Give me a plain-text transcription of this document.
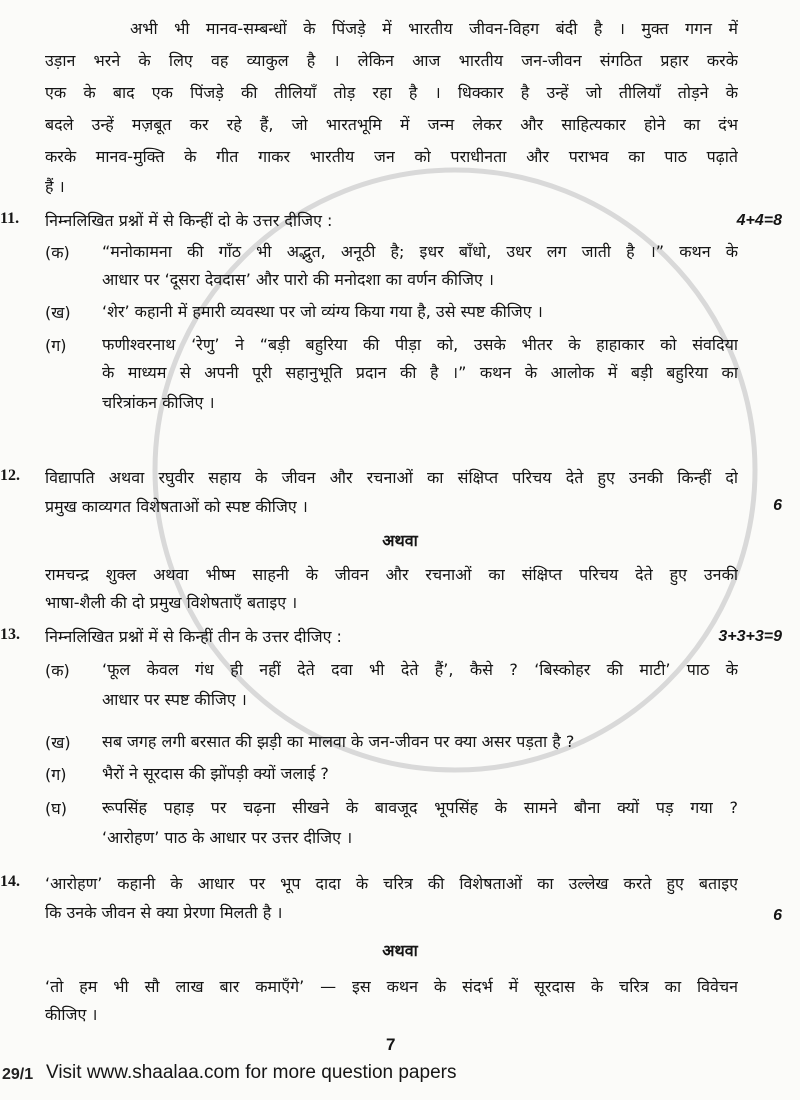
अभी भी मानव-सम्बन्धों के पिंजड़े में भारतीय जीवन-विहग बंदी है । मुक्त गगन में
उड़ान भरने के लिए वह व्याकुल है । लेकिन आज भारतीय जन-जीवन संगठित प्रहार करके
एक के बाद एक पिंजड़े की तीलियाँ तोड़ रहा है । धिक्कार है उन्हें जो तीलियाँ तोड़ने के
बदले उन्हें मज़बूत कर रहे हैं, जो भारतभूमि में जन्म लेकर और साहित्यकार होने का दंभ
करके मानव-मुक्ति के गीत गाकर भारतीय जन को पराधीनता और पराभव का पाठ पढ़ाते
हैं ।
11. निम्नलिखित प्रश्नों में से किन्हीं दो के उत्तर दीजिए :	4+4=8
(क) “मनोकामना की गाँठ भी अद्भुत, अनूठी है; इधर बाँधो, उधर लग जाती है ।” कथन के
आधार पर ‘दूसरा देवदास’ और पारो की मनोदशा का वर्णन कीजिए ।
(ख) ‘शेर’ कहानी में हमारी व्यवस्था पर जो व्यंग्य किया गया है, उसे स्पष्ट कीजिए ।
(ग) फणीश्वरनाथ ‘रेणु’ ने “बड़ी बहुरिया की पीड़ा को, उसके भीतर के हाहाकार को संवदिया
के माध्यम से अपनी पूरी सहानुभूति प्रदान की है ।” कथन के आलोक में बड़ी बहुरिया का
चरित्रांकन कीजिए ।
12. विद्यापति अथवा रघुवीर सहाय के जीवन और रचनाओं का संक्षिप्त परिचय देते हुए उनकी किन्हीं दो
प्रमुख काव्यगत विशेषताओं को स्पष्ट कीजिए ।	6
अथवा
रामचन्द्र शुक्ल अथवा भीष्म साहनी के जीवन और रचनाओं का संक्षिप्त परिचय देते हुए उनकी
भाषा-शैली की दो प्रमुख विशेषताएँ बताइए ।
13. निम्नलिखित प्रश्नों में से किन्हीं तीन के उत्तर दीजिए :	3+3+3=9
(क) ‘फूल केवल गंध ही नहीं देते दवा भी देते हैं’, कैसे ? ‘बिस्कोहर की माटी’ पाठ के
आधार पर स्पष्ट कीजिए ।
(ख) सब जगह लगी बरसात की झड़ी का मालवा के जन-जीवन पर क्या असर पड़ता है ?
(ग) भैरों ने सूरदास की झोंपड़ी क्यों जलाई ?
(घ) रूपसिंह पहाड़ पर चढ़ना सीखने के बावजूद भूपसिंह के सामने बौना क्यों पड़ गया ?
‘आरोहण’ पाठ के आधार पर उत्तर दीजिए ।
14. ‘आरोहण’ कहानी के आधार पर भूप दादा के चरित्र की विशेषताओं का उल्लेख करते हुए बताइए
कि उनके जीवन से क्या प्रेरणा मिलती है ।	6
अथवा
‘तो हम भी सौ लाख बार कमाएँगे’ — इस कथन के संदर्भ में सूरदास के चरित्र का विवेचन
कीजिए ।
29/1
7
Visit www.shaalaa.com for more question papers
